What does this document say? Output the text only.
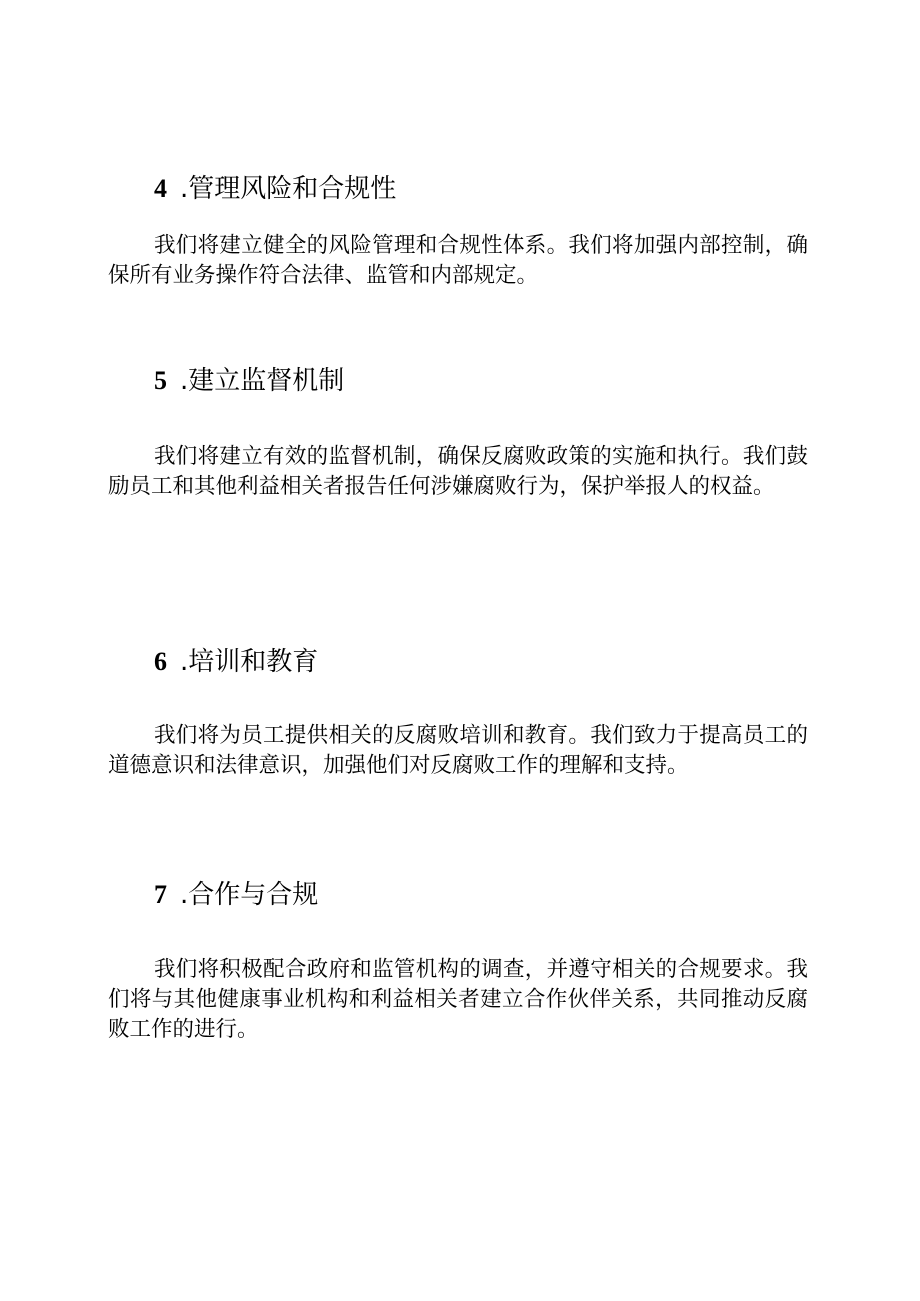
4 .管理风险和合规性

我们将建立健全的风险管理和合规性体系。我们将加强内部控制，确保所有业务操作符合法律、监管和内部规定。

5 .建立监督机制

我们将建立有效的监督机制，确保反腐败政策的实施和执行。我们鼓励员工和其他利益相关者报告任何涉嫌腐败行为，保护举报人的权益。

6 .培训和教育

我们将为员工提供相关的反腐败培训和教育。我们致力于提高员工的道德意识和法律意识，加强他们对反腐败工作的理解和支持。

7 .合作与合规

我们将积极配合政府和监管机构的调查，并遵守相关的合规要求。我们将与其他健康事业机构和利益相关者建立合作伙伴关系，共同推动反腐败工作的进行。
